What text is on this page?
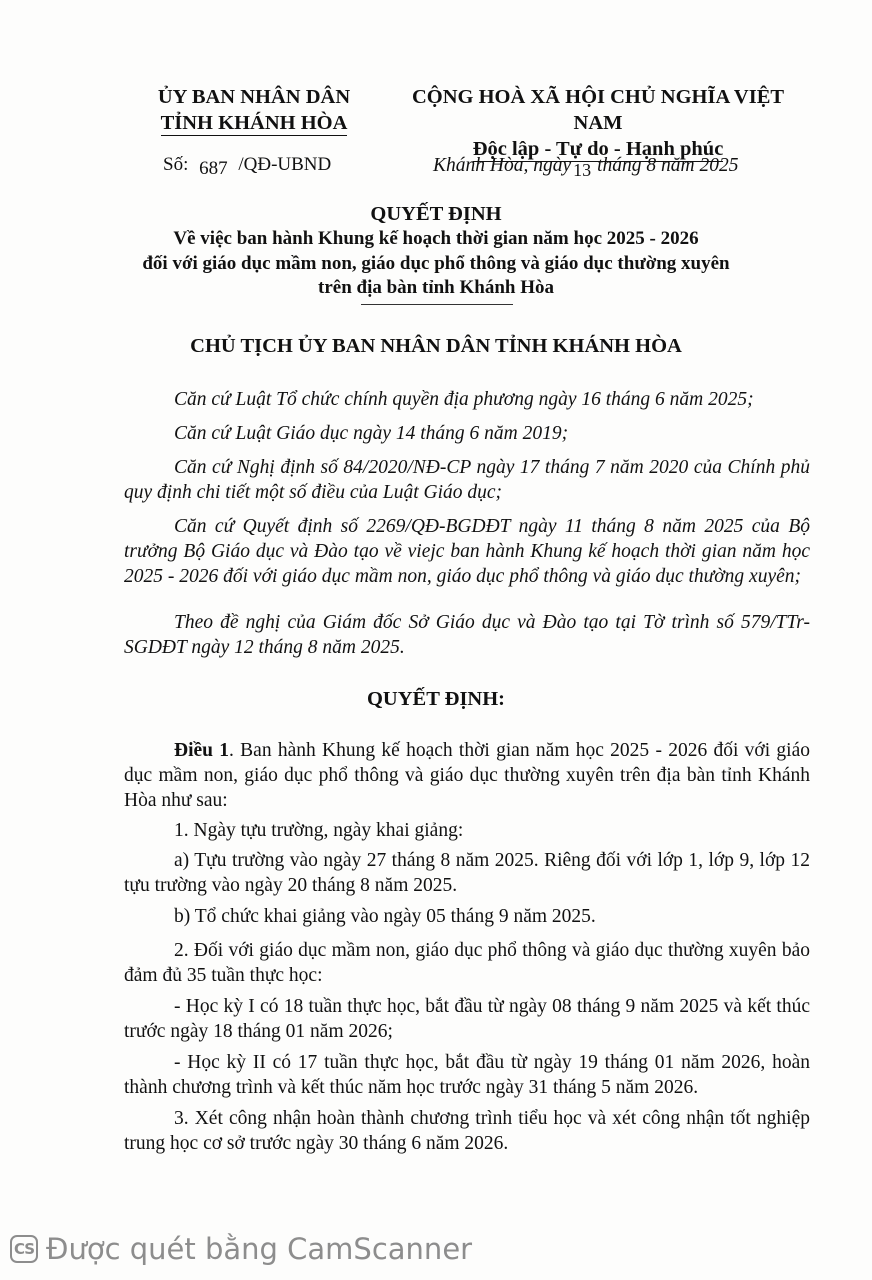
ỦY BAN NHÂN DÂN
TỈNH KHÁNH HÒA
CỘNG HOÀ XÃ HỘI CHỦ NGHĨA VIỆT NAM
Độc lập - Tự do - Hạnh phúc
Số: 687 /QĐ-UBND	Khánh Hòa, ngày 13 tháng 8 năm 2025
QUYẾT ĐỊNH
Về việc ban hành Khung kế hoạch thời gian năm học 2025 - 2026
đối với giáo dục mầm non, giáo dục phổ thông và giáo dục thường xuyên
trên địa bàn tỉnh Khánh Hòa
CHỦ TỊCH ỦY BAN NHÂN DÂN TỈNH KHÁNH HÒA
Căn cứ Luật Tổ chức chính quyền địa phương ngày 16 tháng 6 năm 2025;
Căn cứ Luật Giáo dục ngày 14 tháng 6 năm 2019;
Căn cứ Nghị định số 84/2020/NĐ-CP ngày 17 tháng 7 năm 2020 của Chính phủ quy định chi tiết một số điều của Luật Giáo dục;
Căn cứ Quyết định số 2269/QĐ-BGDĐT ngày 11 tháng 8 năm 2025 của Bộ trưởng Bộ Giáo dục và Đào tạo về viejc ban hành Khung kế hoạch thời gian năm học 2025 - 2026 đối với giáo dục mầm non, giáo dục phổ thông và giáo dục thường xuyên;
Theo đề nghị của Giám đốc Sở Giáo dục và Đào tạo tại Tờ trình số 579/TTr-SGDĐT ngày 12 tháng 8 năm 2025.
QUYẾT ĐỊNH:
Điều 1. Ban hành Khung kế hoạch thời gian năm học 2025 - 2026 đối với giáo dục mầm non, giáo dục phổ thông và giáo dục thường xuyên trên địa bàn tỉnh Khánh Hòa như sau:
1. Ngày tựu trường, ngày khai giảng:
a) Tựu trường vào ngày 27 tháng 8 năm 2025. Riêng đối với lớp 1, lớp 9, lớp 12 tựu trường vào ngày 20 tháng 8 năm 2025.
b) Tổ chức khai giảng vào ngày 05 tháng 9 năm 2025.
2. Đối với giáo dục mầm non, giáo dục phổ thông và giáo dục thường xuyên bảo đảm đủ 35 tuần thực học:
- Học kỳ I có 18 tuần thực học, bắt đầu từ ngày 08 tháng 9 năm 2025 và kết thúc trước ngày 18 tháng 01 năm 2026;
- Học kỳ II có 17 tuần thực học, bắt đầu từ ngày 19 tháng 01 năm 2026, hoàn thành chương trình và kết thúc năm học trước ngày 31 tháng 5 năm 2026.
3. Xét công nhận hoàn thành chương trình tiểu học và xét công nhận tốt nghiệp trung học cơ sở trước ngày 30 tháng 6 năm 2026.
CS Được quét bằng CamScanner
